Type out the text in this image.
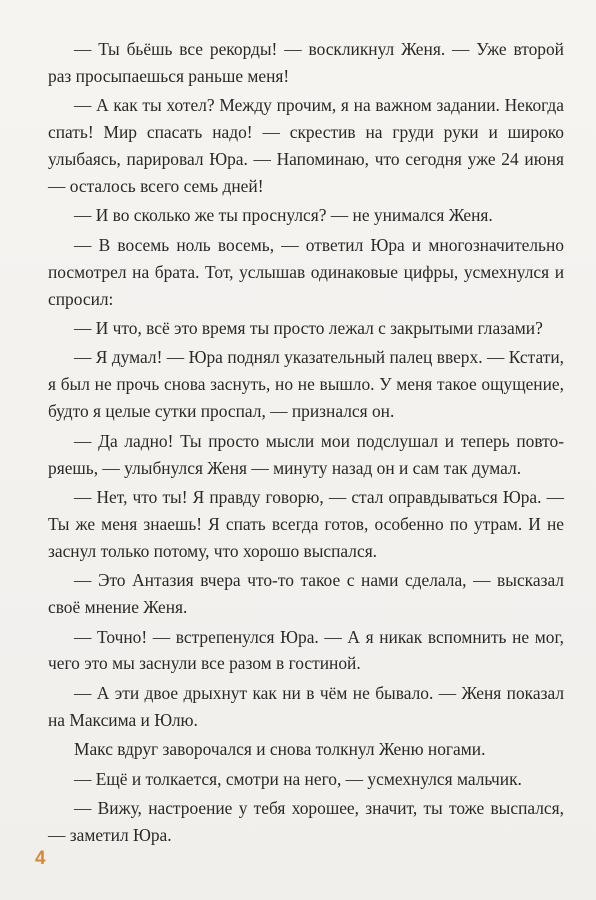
— Ты бьёшь все рекорды! — воскликнул Женя. — Уже второй раз просыпаешься раньше меня!

— А как ты хотел? Между прочим, я на важном задании. Некогда спать! Мир спасать надо! — скрестив на груди руки и широко улыбаясь, парировал Юра. — Напоминаю, что сегодня уже 24 июня — осталось всего семь дней!

— И во сколько же ты проснулся? — не унимался Женя.

— В восемь ноль восемь, — ответил Юра и многозначительно посмотрел на брата. Тот, услышав одинаковые цифры, усмехнулся и спросил:

— И что, всё это время ты просто лежал с закрытыми глазами?

— Я думал! — Юра поднял указательный палец вверх. — Кстати, я был не прочь снова заснуть, но не вышло. У меня такое ощущение, будто я целые сутки проспал, — признался он.

— Да ладно! Ты просто мысли мои подслушал и теперь повторяешь, — улыбнулся Женя — минуту назад он и сам так думал.

— Нет, что ты! Я правду говорю, — стал оправдываться Юра. — Ты же меня знаешь! Я спать всегда готов, особенно по утрам. И не заснул только потому, что хорошо выспался.

— Это Антазия вчера что-то такое с нами сделала, — высказал своё мнение Женя.

— Точно! — встрепенулся Юра. — А я никак вспомнить не мог, чего это мы заснули все разом в гостиной.

— А эти двое дрыхнут как ни в чём не бывало. — Женя показал на Максима и Юлю.

Макс вдруг заворочался и снова толкнул Женю ногами.

— Ещё и толкается, смотри на него, — усмехнулся мальчик.

— Вижу, настроение у тебя хорошее, значит, ты тоже выспался, — заметил Юра.

4
